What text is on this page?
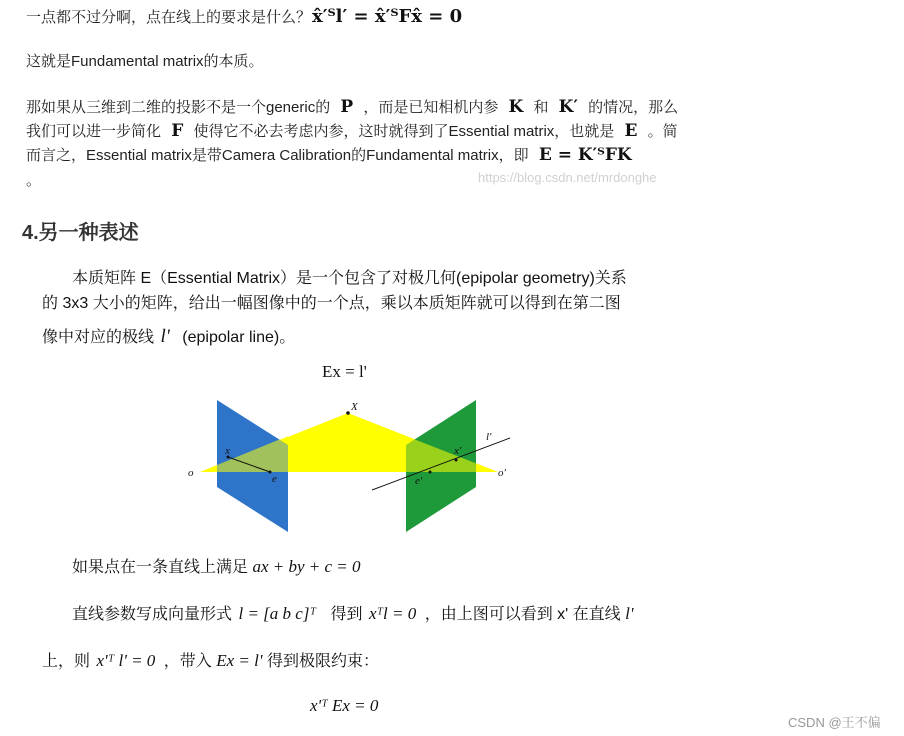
一点都不过分啊，点在线上的要求是什么？ x̂′ᵀl′ = x̂′ᵀFx̂ = 0
这就是Fundamental matrix的本质。
那如果从三维到二维的投影不是一个generic的 P ，而是已知相机内参 K 和 K′ 的情况，那么
我们可以进一步简化 F 使得它不必去考虑内参，这时就得到了Essential matrix，也就是 E 。简
而言之，Essential matrix是带Camera Calibration的Fundamental matrix，即 E = K′ᵀFK
。	https://blog.csdn.net/mrdonghe
4.另一种表述
本质矩阵 E（Essential Matrix）是一个包含了对极几何(epipolar geometry)关系
的 3x3 大小的矩阵，给出一幅图像中的一个点，乘以本质矩阵就可以得到在第二图
像中对应的极线 l' (epipolar line)。
Ex = l'
X
x
e
o
x'
e'
o'
l'
如果点在一条直线上满足 ax + by + c = 0
直线参数写成向量形式 l = [a b c]ᵀ 得到 xᵀl = 0 ，由上图可以看到 x' 在直线 l'
上，则 x'ᵀ l' = 0 ，带入 Ex = l' 得到极限约束：
x'ᵀ Ex = 0
CSDN @王不偏
